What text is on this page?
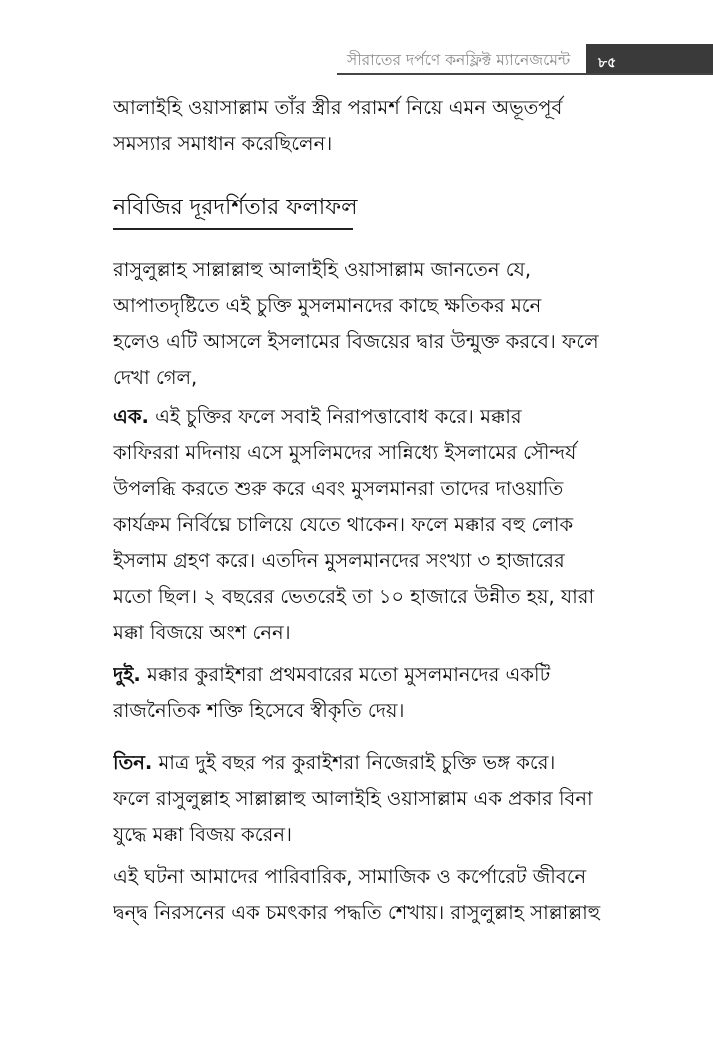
সীরাতের দর্পণে কনফ্লিক্ট ম্যানেজমেন্ট ৮৫
আলাইহি ওয়াসাল্লাম তাঁর স্ত্রীর পরামর্শ নিয়ে এমন অভূতপূর্ব
সমস্যার সমাধান করেছিলেন।
নবিজির দূরদর্শিতার ফলাফল
রাসুলুল্লাহ সাল্লাল্লাহু আলাইহি ওয়াসাল্লাম জানতেন যে,
আপাতদৃষ্টিতে এই চুক্তি মুসলমানদের কাছে ক্ষতিকর মনে
হলেও এটি আসলে ইসলামের বিজয়ের দ্বার উন্মুক্ত করবে। ফলে
দেখা গেল,
এক. এই চুক্তির ফলে সবাই নিরাপত্তাবোধ করে। মক্কার
কাফিররা মদিনায় এসে মুসলিমদের সান্নিধ্যে ইসলামের সৌন্দর্য
উপলব্ধি করতে শুরু করে এবং মুসলমানরা তাদের দাওয়াতি
কার্যক্রম নির্বিঘ্নে চালিয়ে যেতে থাকেন। ফলে মক্কার বহু লোক
ইসলাম গ্রহণ করে। এতদিন মুসলমানদের সংখ্যা ৩ হাজারের
মতো ছিল। ২ বছরের ভেতরেই তা ১০ হাজারে উন্নীত হয়, যারা
মক্কা বিজয়ে অংশ নেন।
দুই. মক্কার কুরাইশরা প্রথমবারের মতো মুসলমানদের একটি
রাজনৈতিক শক্তি হিসেবে স্বীকৃতি দেয়।
তিন. মাত্র দুই বছর পর কুরাইশরা নিজেরাই চুক্তি ভঙ্গ করে।
ফলে রাসুলুল্লাহ সাল্লাল্লাহু আলাইহি ওয়াসাল্লাম এক প্রকার বিনা
যুদ্ধে মক্কা বিজয় করেন।
এই ঘটনা আমাদের পারিবারিক, সামাজিক ও কর্পোরেট জীবনে
দ্বন্দ্ব নিরসনের এক চমৎকার পদ্ধতি শেখায়। রাসুলুল্লাহ সাল্লাল্লাহু
